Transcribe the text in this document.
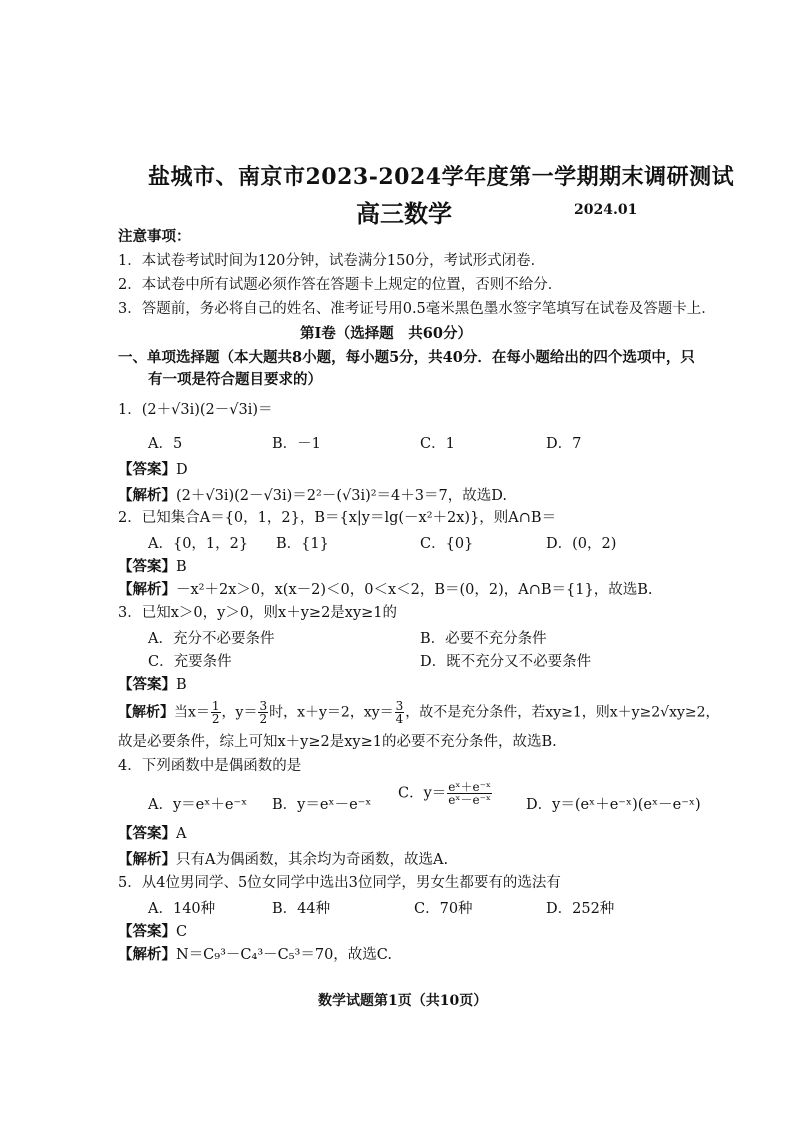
盐城市、南京市2023-2024学年度第一学期期末调研测试
高三数学	2024.01
注意事项：
1．本试卷考试时间为120分钟，试卷满分150分，考试形式闭卷．
2．本试卷中所有试题必须作答在答题卡上规定的位置，否则不给分．
3．答题前，务必将自己的姓名、准考证号用0.5毫米黑色墨水签字笔填写在试卷及答题卡上．
第Ⅰ卷（选择题　共60分）
一、单项选择题（本大题共8小题，每小题5分，共40分．在每小题给出的四个选项中，只
有一项是符合题目要求的）
1．(2＋√3i)(2－√3i)＝
A．5	B．－1	C．1	D．7
【答案】D
【解析】(2＋√3i)(2－√3i)＝2²－(√3i)²＝4＋3＝7，故选D.
2．已知集合A＝{0，1，2}，B＝{x|y＝lg(－x²＋2x)}，则A∩B＝
A．{0，1，2} B．{1}	C．{0}	D．(0，2)
【答案】B
【解析】－x²＋2x＞0，x(x－2)＜0，0＜x＜2，B＝(0，2)，A∩B＝{1}，故选B.
3．已知x＞0，y＞0，则x＋y≥2是xy≥1的
A．充分不必要条件	B．必要不充分条件
C．充要条件	D．既不充分又不必要条件
【答案】B
【解析】当$x= \frac{1}{2}$ ，$y= \frac{3}{2}$ 时，x＋y＝2，$xy= \frac{3}{4}$ ，故不是充分条件，若xy≥1，则x＋y≥2√xy≥2，
故是必要条件，综上可知x＋y≥2是xy≥1的必要不充分条件，故选B.
4．下列函数中是偶函数的是
A．y＝eˣ＋e⁻ˣ B．y＝eˣ－e⁻ˣ
C．$y= \frac{\text{eˣ＋e⁻ˣ}}{\text{eˣ－e⁻ˣ}}$ D．y＝(eˣ＋e⁻ˣ)(eˣ－e⁻ˣ)
【答案】A
【解析】只有A为偶函数，其余均为奇函数，故选A.
5．从4位男同学、5位女同学中选出3位同学，男女生都要有的选法有
A．140种	B．44种	C．70种	D．252种
【答案】C
【解析】N＝C₉³－C₄³－C₅³＝70，故选C.
数学试题第1页（共10页）
